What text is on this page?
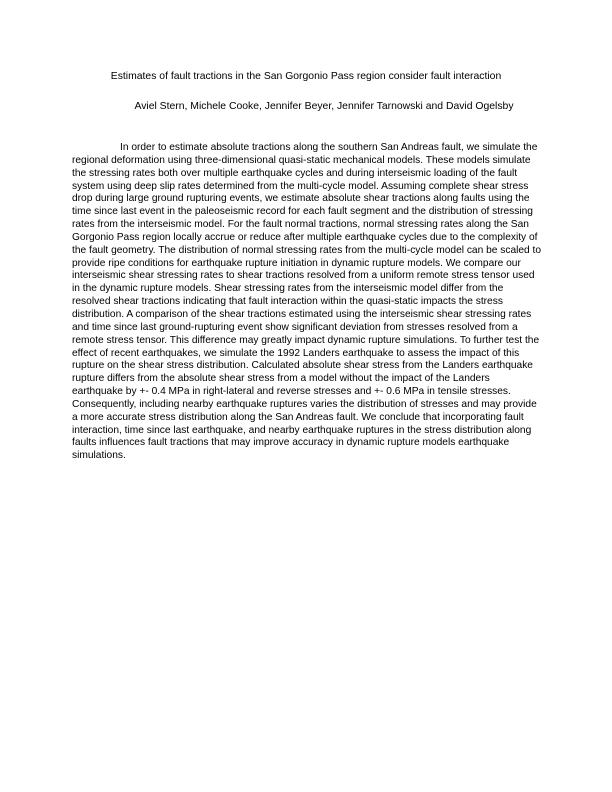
Estimates of fault tractions in the San Gorgonio Pass region consider fault interaction
Aviel Stern, Michele Cooke, Jennifer Beyer, Jennifer Tarnowski and David Ogelsby

In order to estimate absolute tractions along the southern San Andreas fault, we simulate the regional deformation using three-dimensional quasi-static mechanical models. These models simulate the stressing rates both over multiple earthquake cycles and during interseismic loading of the fault system using deep slip rates determined from the multi-cycle model. Assuming complete shear stress drop during large ground rupturing events, we estimate absolute shear tractions along faults using the time since last event in the paleoseismic record for each fault segment and the distribution of stressing rates from the interseismic model. For the fault normal tractions, normal stressing rates along the San Gorgonio Pass region locally accrue or reduce after multiple earthquake cycles due to the complexity of the fault geometry. The distribution of normal stressing rates from the multi-cycle model can be scaled to provide ripe conditions for earthquake rupture initiation in dynamic rupture models. We compare our interseismic shear stressing rates to shear tractions resolved from a uniform remote stress tensor used in the dynamic rupture models. Shear stressing rates from the interseismic model differ from the resolved shear tractions indicating that fault interaction within the quasi-static impacts the stress distribution. A comparison of the shear tractions estimated using the interseismic shear stressing rates and time since last ground-rupturing event show significant deviation from stresses resolved from a remote stress tensor. This difference may greatly impact dynamic rupture simulations. To further test the effect of recent earthquakes, we simulate the 1992 Landers earthquake to assess the impact of this rupture on the shear stress distribution. Calculated absolute shear stress from the Landers earthquake rupture differs from the absolute shear stress from a model without the impact of the Landers earthquake by +- 0.4 MPa in right-lateral and reverse stresses and +- 0.6 MPa in tensile stresses. Consequently, including nearby earthquake ruptures varies the distribution of stresses and may provide a more accurate stress distribution along the San Andreas fault. We conclude that incorporating fault interaction, time since last earthquake, and nearby earthquake ruptures in the stress distribution along faults influences fault tractions that may improve accuracy in dynamic rupture models earthquake simulations.
